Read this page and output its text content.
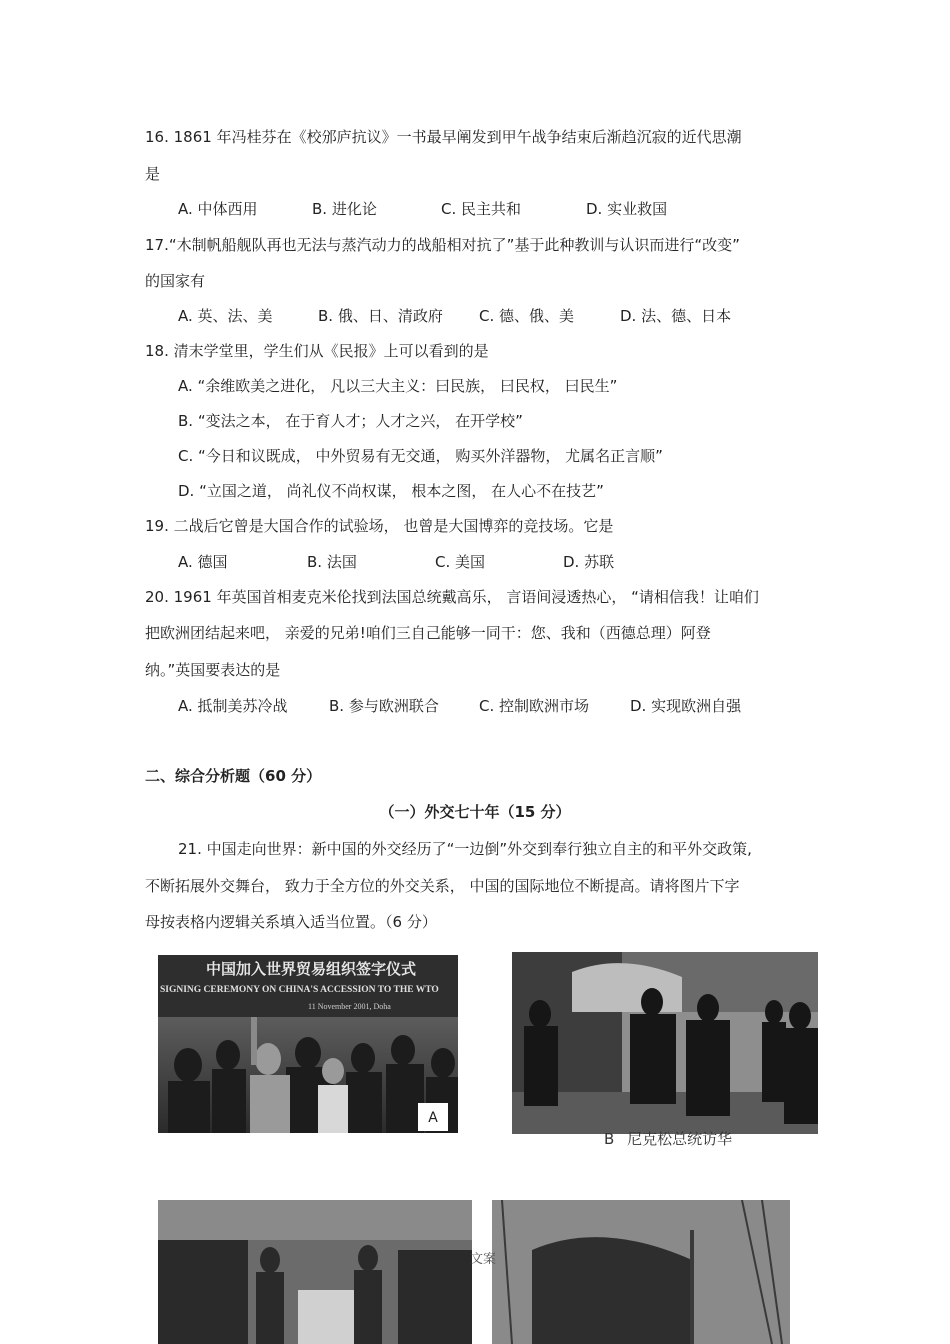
16. 1861 年冯桂芬在《校邠庐抗议》一书最早阐发到甲午战争结束后渐趋沉寂的近代思潮
是
A. 中体西用	B. 进化论	C. 民主共和	D. 实业救国
17.“木制帆船舰队再也无法与蒸汽动力的战船相对抗了”基于此种教训与认识而进行“改变”
的国家有
A. 英、法、美	B. 俄、日、清政府 C. 德、俄、美	D. 法、德、日本
18. 清末学堂里，学生们从《民报》上可以看到的是
A. “余维欧美之进化， 凡以三大主义：曰民族， 曰民权， 曰民生”
B. “变法之本， 在于育人才；人才之兴， 在开学校”
C. “今日和议既成， 中外贸易有无交通， 购买外洋器物， 尤属名正言顺”
D. “立国之道， 尚礼仪不尚权谋， 根本之图， 在人心不在技艺”
19. 二战后它曾是大国合作的试验场， 也曾是大国博弈的竞技场。它是
A. 德国	B. 法国	C. 美国	D. 苏联
20. 1961 年英国首相麦克米伦找到法国总统戴高乐， 言语间浸透热心， “请相信我！让咱们
把欧洲团结起来吧， 亲爱的兄弟!咱们三自己能够一同干：您、我和（西德总理）阿登
纳。”英国要表达的是
A. 抵制美苏冷战	B. 参与欧洲联合	C. 控制欧洲市场	D. 实现欧洲自强
二、综合分析题（60 分）
（一）外交七十年（15 分）
21. 中国走向世界：新中国的外交经历了“一边倒”外交到奉行独立自主的和平外交政策,
不断拓展外交舞台， 致力于全方位的外交关系， 中国的国际地位不断提高。请将图片下字
母按表格内逻辑关系填入适当位置。（6 分）
中国加入世界贸易组织签字仪式
SIGNING CEREMONY ON CHINA'S ACCESSION TO THE WTO
11 November 2001, Doha
A
B 尼克松总统访华
文案
